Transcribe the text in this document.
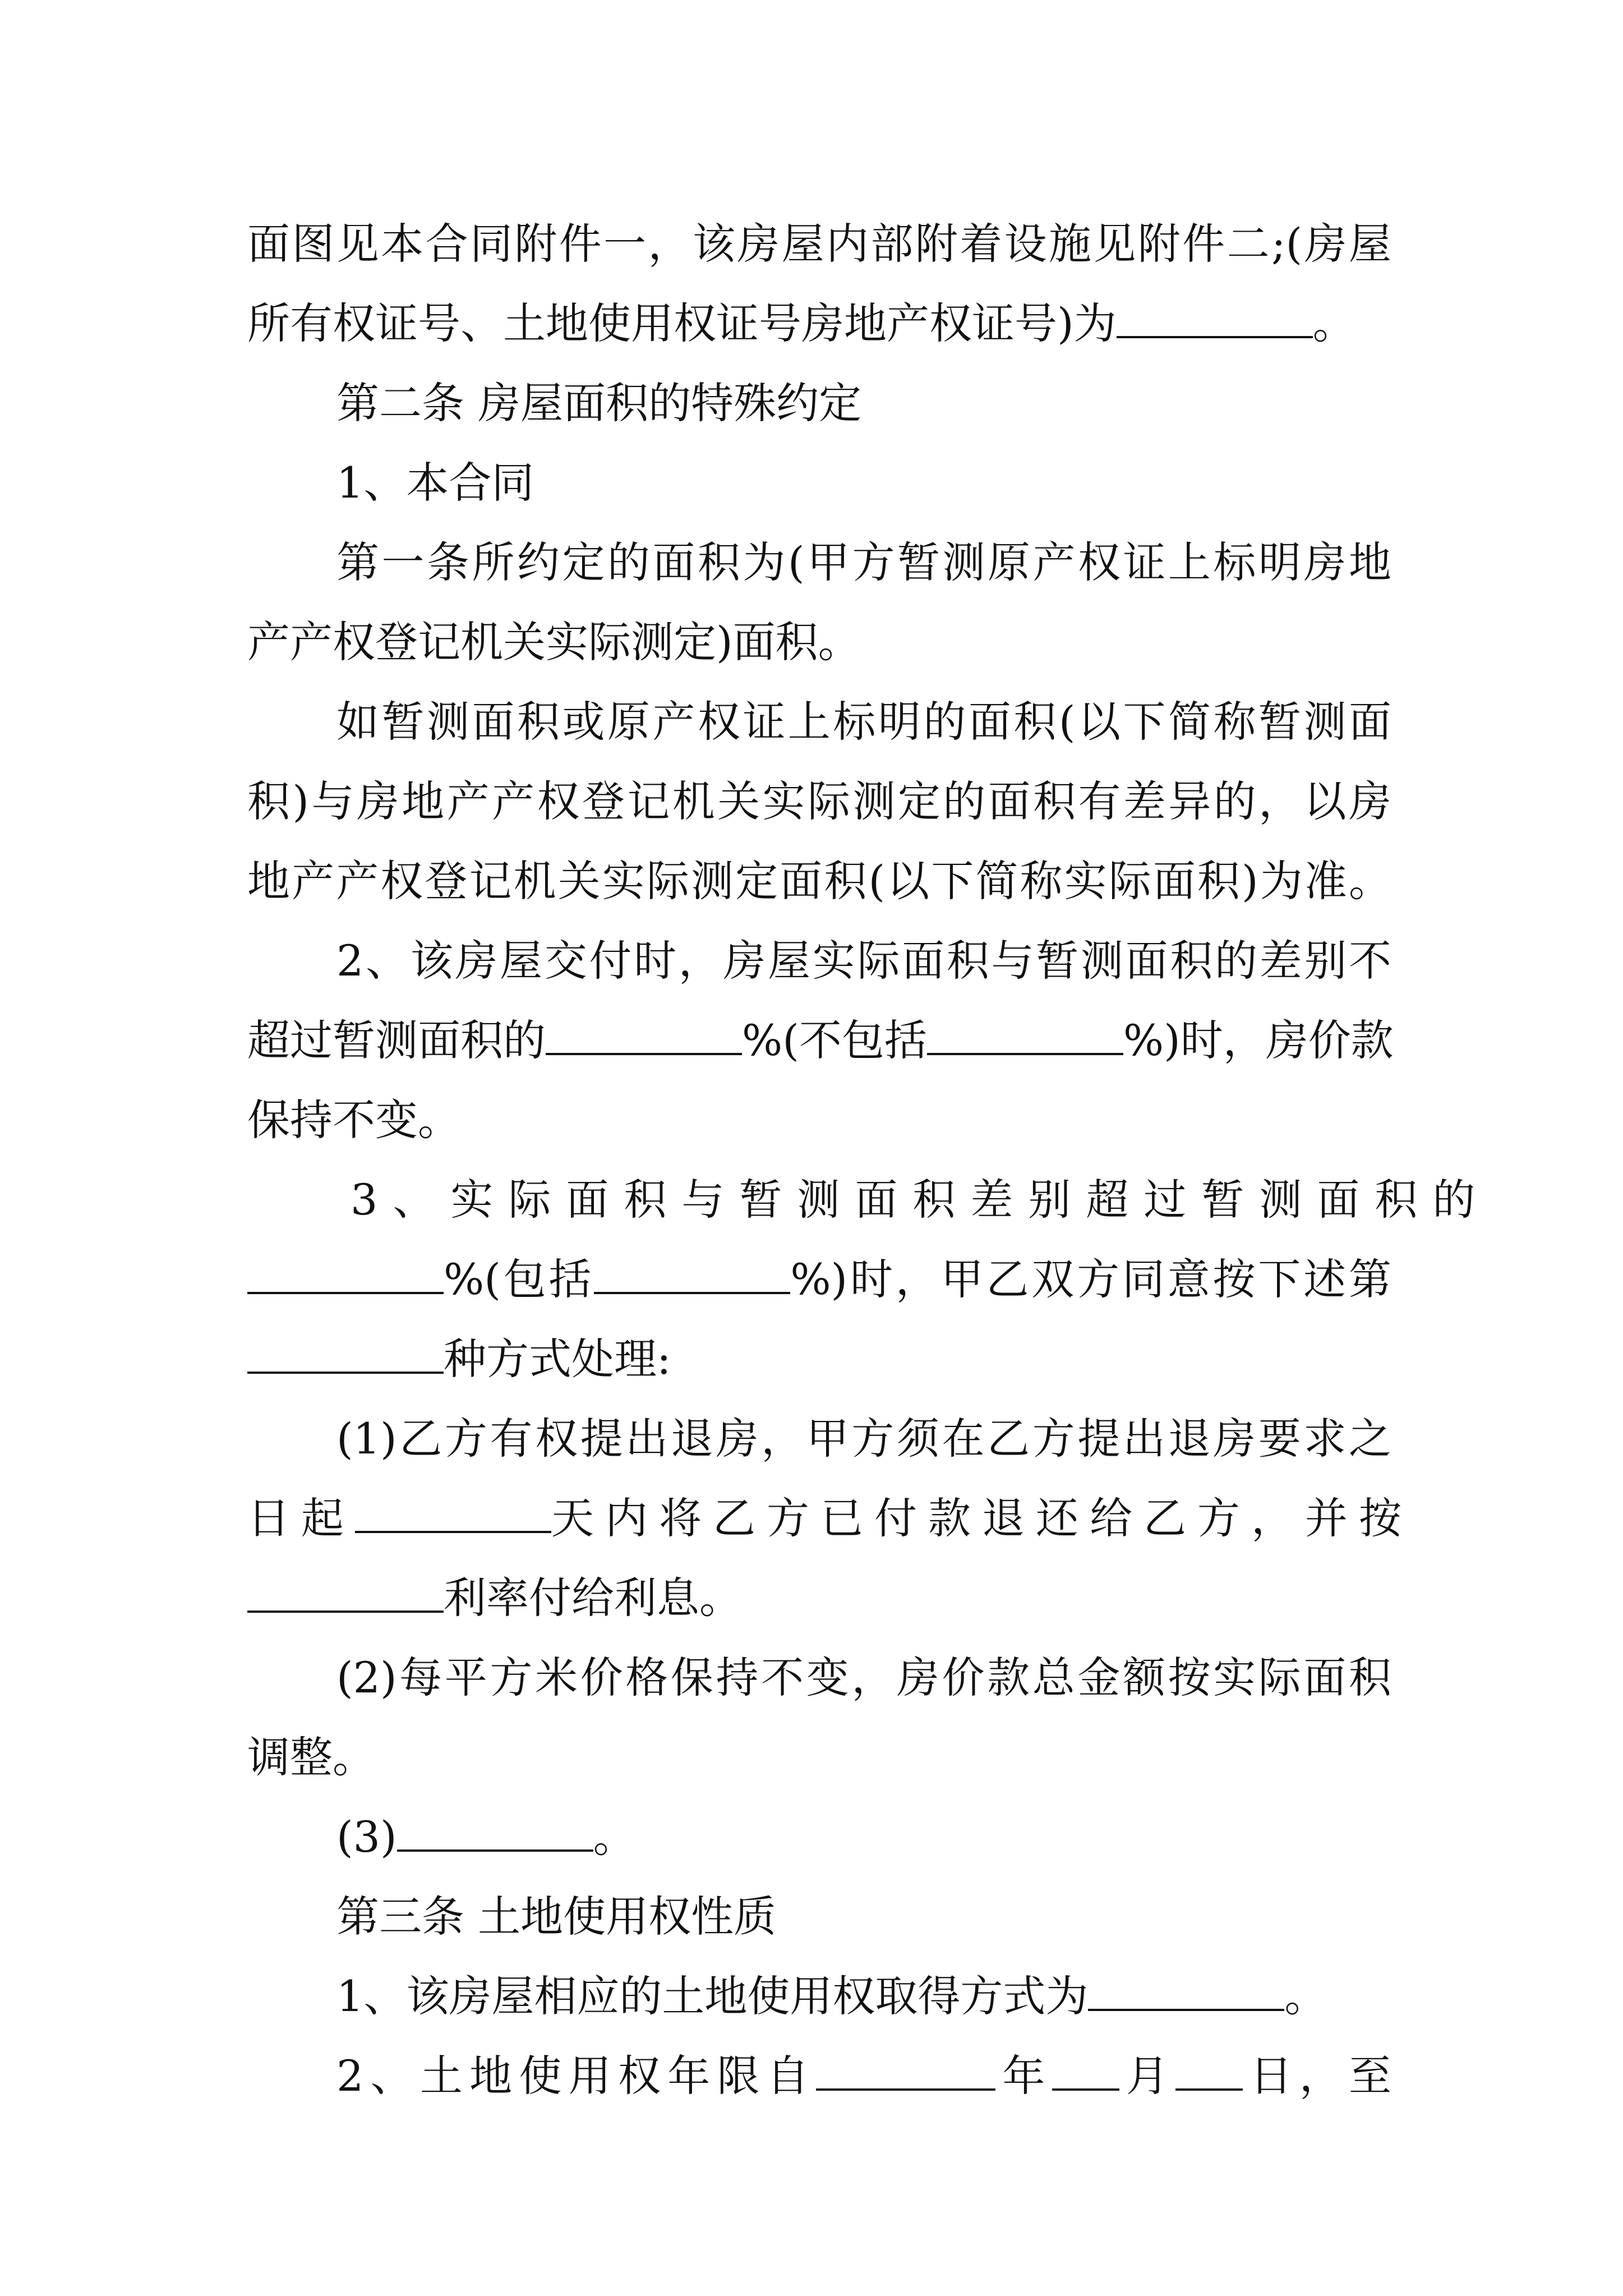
面图见本合同附件一，该房屋内部附着设施见附件二;(房屋
所有权证号、土地使用权证号房地产权证号)为	。
第二条 房屋面积的特殊约定
1、本合同
第一条所约定的面积为(甲方暂测原产权证上标明房地
产产权登记机关实际测定)面积。
如暂测面积或原产权证上标明的面积(以下简称暂测面
积)与房地产产权登记机关实际测定的面积有差异的，以房
地产产权登记机关实际测定面积(以下简称实际面积)为准。
2、该房屋交付时，房屋实际面积与暂测面积的差别不
超过暂测面积的	%(不包括	%)时，房价款
保持不变。
3、实际面积与暂测面积差别超过暂测面积的
%(包括	%)时，甲乙双方同意按下述第
种方式处理:
(1)乙方有权提出退房，甲方须在乙方提出退房要求之
日起	天内将乙方已付款退还给乙方，并按
利率付给利息。
(2)每平方米价格保持不变，房价款总金额按实际面积
调整。
(3)	。
第三条 土地使用权性质
1、该房屋相应的土地使用权取得方式为	。
2、土地使用权年限自	年 月 日，至
